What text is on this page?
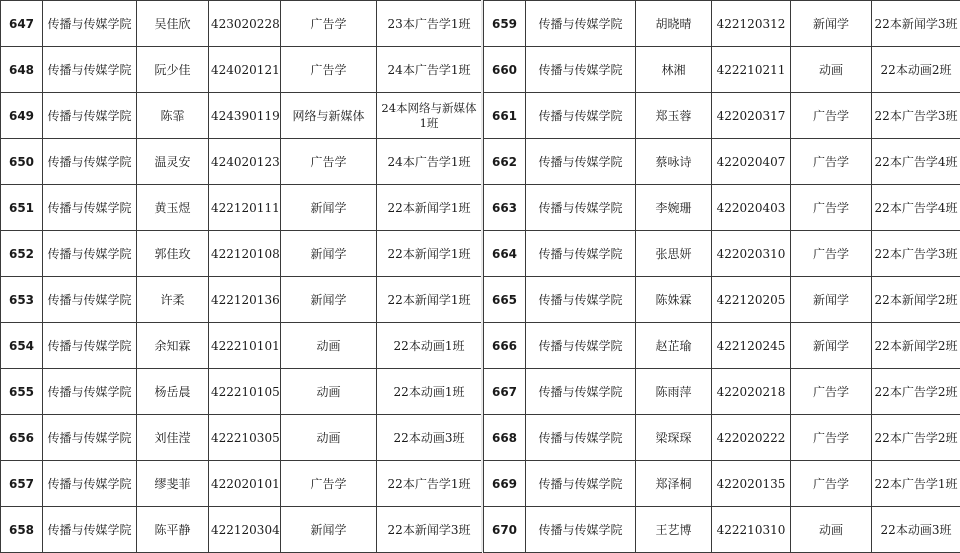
647	传播与传媒学院	吴佳欣	423020228	广告学	23本广告学1班
648	传播与传媒学院	阮少佳	424020121	广告学	24本广告学1班
649	传播与传媒学院	陈霏	424390119	网络与新媒体	24本网络与新媒体1班
650	传播与传媒学院	温灵安	424020123	广告学	24本广告学1班
651	传播与传媒学院	黄玉煜	422120111	新闻学	22本新闻学1班
652	传播与传媒学院	郭佳玫	422120108	新闻学	22本新闻学1班
653	传播与传媒学院	许柔	422120136	新闻学	22本新闻学1班
654	传播与传媒学院	余知霖	422210101	动画	22本动画1班
655	传播与传媒学院	杨岳晨	422210105	动画	22本动画1班
656	传播与传媒学院	刘佳滢	422210305	动画	22本动画3班
657	传播与传媒学院	缪斐菲	422020101	广告学	22本广告学1班
658	传播与传媒学院	陈平静	422120304	新闻学	22本新闻学3班
659	传播与传媒学院	胡晓晴	422120312	新闻学	22本新闻学3班
660	传播与传媒学院	林湘	422210211	动画	22本动画2班
661	传播与传媒学院	郑玉蓉	422020317	广告学	22本广告学3班
662	传播与传媒学院	蔡咏诗	422020407	广告学	22本广告学4班
663	传播与传媒学院	李婉珊	422020403	广告学	22本广告学4班
664	传播与传媒学院	张思妍	422020310	广告学	22本广告学3班
665	传播与传媒学院	陈姝霖	422120205	新闻学	22本新闻学2班
666	传播与传媒学院	赵芷瑜	422120245	新闻学	22本新闻学2班
667	传播与传媒学院	陈雨萍	422020218	广告学	22本广告学2班
668	传播与传媒学院	梁琛琛	422020222	广告学	22本广告学2班
669	传播与传媒学院	郑泽桐	422020135	广告学	22本广告学1班
670	传播与传媒学院	王艺博	422210310	动画	22本动画3班
